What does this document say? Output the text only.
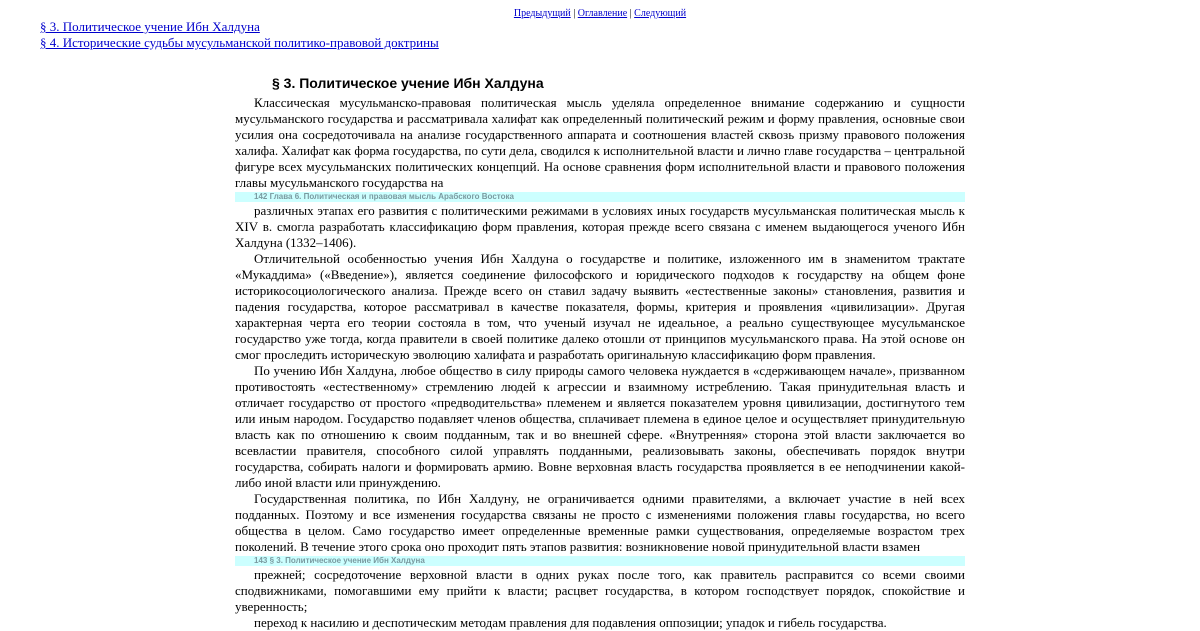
Предыдущий | Оглавление | Следующий
§ 3. Политическое учение Ибн Халдуна
§ 4. Исторические судьбы мусульманской политико-правовой доктрины
§ 3. Политическое учение Ибн Халдуна

Классическая мусульманско-правовая политическая мысль уделяла определенное внимание содержанию и сущности мусульманского государства и рассматривала халифат как определенный политический режим и форму правления, основные свои усилия она сосредоточивала на анализе государственного аппарата и соотношения властей сквозь призму правового положения халифа. Халифат как форма государства, по сути дела, сводился к исполнительной власти и лично главе государства – центральной фигуре всех мусульманских политических концепций. На основе сравнения форм исполнительной власти и правового положения главы мусульманского государства на

142 Глава 6. Политическая и правовая мысль Арабского Востока

различных этапах его развития с политическими режимами в условиях иных государств мусульманская политическая мысль к XIV в. смогла разработать классификацию форм правления, которая прежде всего связана с именем выдающегося ученого Ибн Халдуна (1332–1406).

Отличительной особенностью учения Ибн Халдуна о государстве и политике, изложенного им в знаменитом трактате «Мукаддима» («Введение»), является соединение философского и юридического подходов к государству на общем фоне историкосоциологического анализа. Прежде всего он ставил задачу выявить «естественные законы» становления, развития и падения государства, которое рассматривал в качестве показателя, формы, критерия и проявления «цивилизации». Другая характерная черта его теории состояла в том, что ученый изучал не идеальное, а реально существующее мусульманское государство уже тогда, когда правители в своей политике далеко отошли от принципов мусульманского права. На этой основе он смог проследить историческую эволюцию халифата и разработать оригинальную классификацию форм правления.

По учению Ибн Халдуна, любое общество в силу природы самого человека нуждается в «сдерживающем начале», призванном противостоять «естественному» стремлению людей к агрессии и взаимному истреблению. Такая принудительная власть и отличает государство от простого «предводительства» племенем и является показателем уровня цивилизации, достигнутого тем или иным народом. Государство подавляет членов общества, сплачивает племена в единое целое и осуществляет принудительную власть как по отношению к своим подданным, так и во внешней сфере. «Внутренняя» сторона этой власти заключается во всевластии правителя, способного силой управлять подданными, реализовывать законы, обеспечивать порядок внутри государства, собирать налоги и формировать армию. Вовне верховная власть государства проявляется в ее неподчинении какой-либо иной власти или принуждению.

Государственная политика, по Ибн Халдуну, не ограничивается одними правителями, а включает участие в ней всех подданных. Поэтому и все изменения государства связаны не просто с изменениями положения главы государства, но всего общества в целом. Само государство имеет определенные временные рамки существования, определяемые возрастом трех поколений. В течение этого срока оно проходит пять этапов развития: возникновение новой принудительной власти взамен

143 § 3. Политическое учение Ибн Халдуна

прежней; сосредоточение верховной власти в одних руках после того, как правитель расправится со всеми своими сподвижниками, помогавшими ему прийти к власти; расцвет государства, в котором господствует порядок, спокойствие и уверенность;

переход к насилию и деспотическим методам правления для подавления оппозиции; упадок и гибель государства.
